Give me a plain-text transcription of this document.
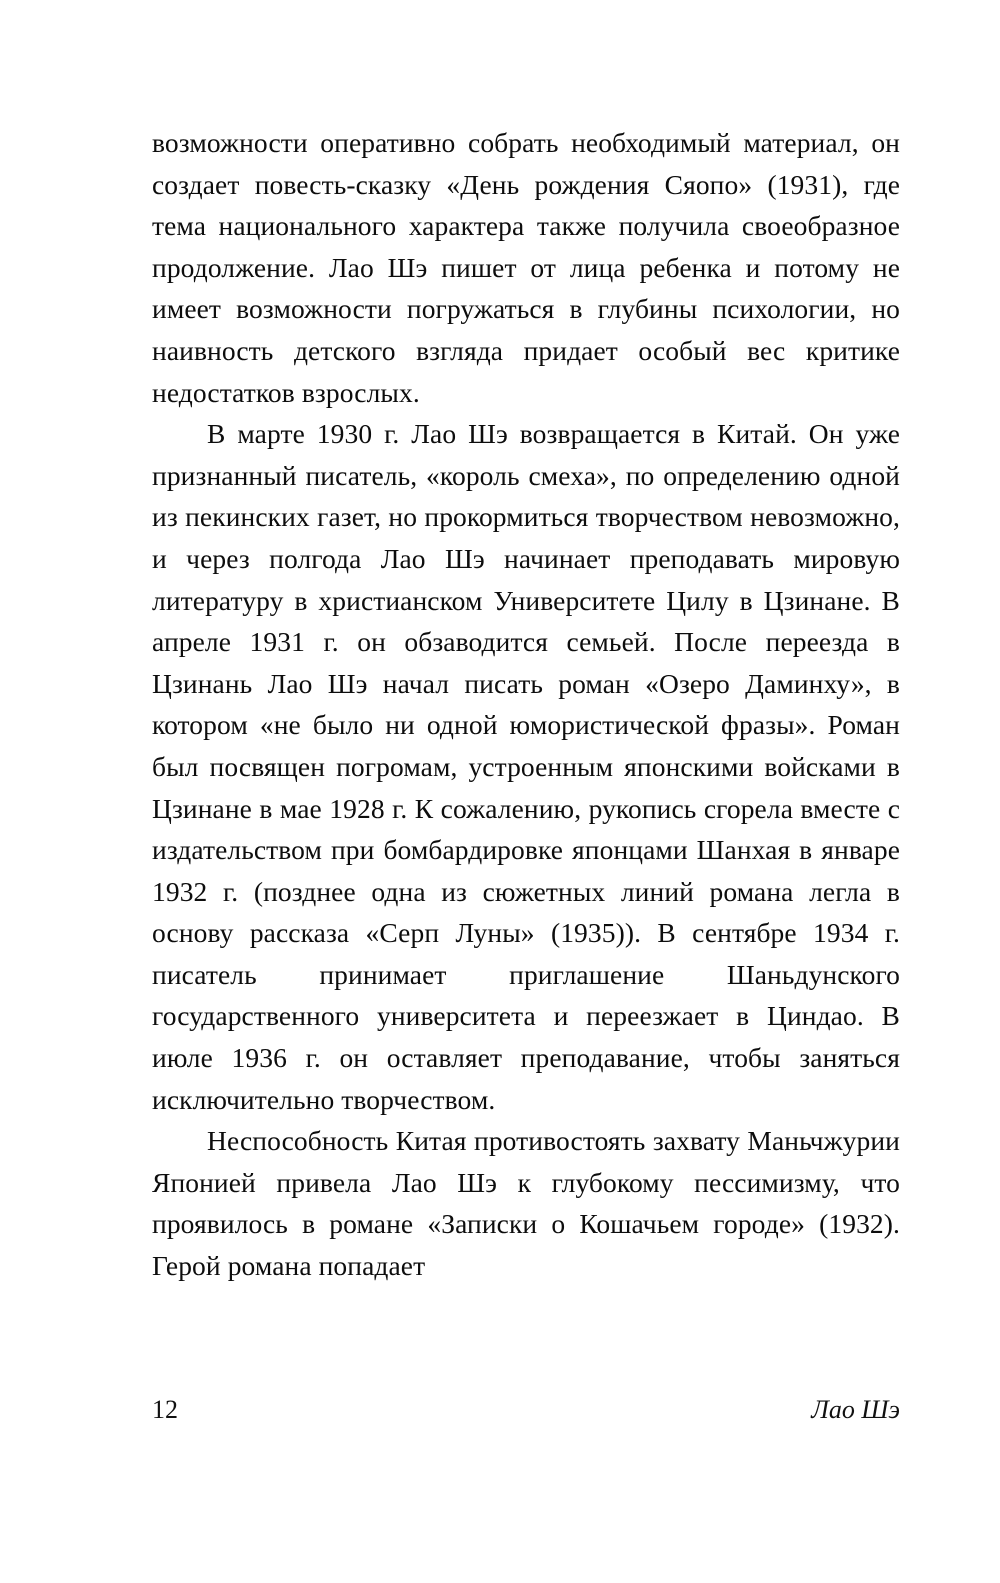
возможности оперативно собрать необходимый материал, он создает повесть-сказку «День рождения Сяопо» (1931), где тема национального характера также получила своеобразное продолжение. Лао Шэ пишет от лица ребенка и потому не имеет возможности погружаться в глубины психологии, но наивность детского взгляда придает особый вес критике недостатков взрослых.

В марте 1930 г. Лао Шэ возвращается в Китай. Он уже признанный писатель, «король смеха», по определению одной из пекинских газет, но прокормиться творчеством невозможно, и через полгода Лао Шэ начинает преподавать мировую литературу в христианском Университете Цилу в Цзинане. В апреле 1931 г. он обзаводится семьей. После переезда в Цзинань Лао Шэ начал писать роман «Озеро Даминху», в котором «не было ни одной юмористической фразы». Роман был посвящен погромам, устроенным японскими войсками в Цзинане в мае 1928 г. К сожалению, рукопись сгорела вместе с издательством при бомбардировке японцами Шанхая в январе 1932 г. (позднее одна из сюжетных линий романа легла в основу рассказа «Серп Луны» (1935)). В сентябре 1934 г. писатель принимает приглашение Шаньдунского государственного университета и переезжает в Циндао. В июле 1936 г. он оставляет преподавание, чтобы заняться исключительно творчеством.

Неспособность Китая противостоять захвату Маньчжурии Японией привела Лао Шэ к глубокому пессимизму, что проявилось в романе «Записки о Кошачьем городе» (1932). Герой романа попадает

12	Лао Шэ
